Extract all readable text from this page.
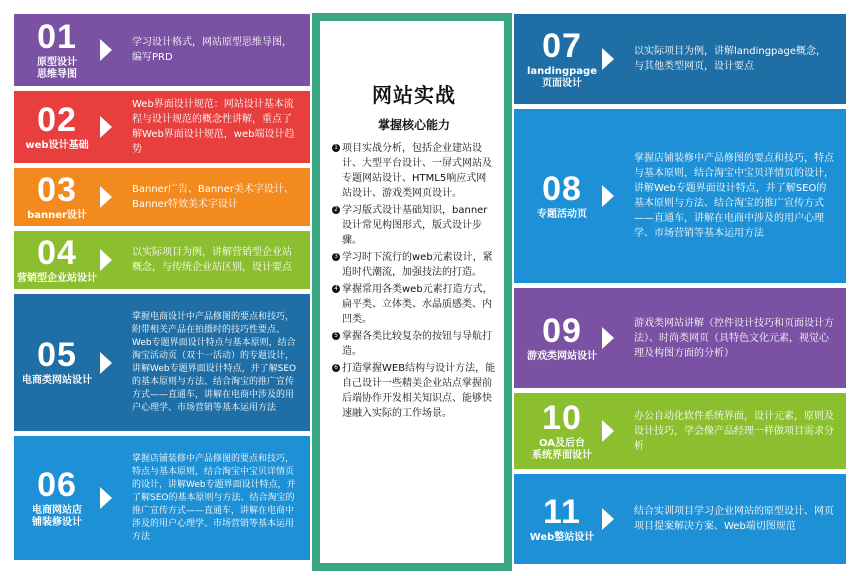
01
原型设计
思维导图
学习设计格式，网站原型思维导图，编写PRD
02
web设计基础
Web界面设计规范：网站设计基本流程与设计规范的概念性讲解，重点了解Web界面设计规范，web端设计趋势
03
banner设计
Banner广告、Banner美术字设计、Banner特效美术字设计
04
营销型企业站设计
以实际项目为例，讲解营销型企业站概念，与传统企业站区别，设计要点
05
电商类网站设计
掌握电商设计中产品修图的要点和技巧，附带相关产品在拍摄时的技巧性要点、Web专题界面设计特点与基本原则，结合淘宝活动页（双十一活动）的专题设计，讲解Web专题界面设计特点，并了解SEO的基本原则与方法、结合淘宝的推广宣传方式——直通车，讲解在电商中涉及的用户心理学、市场营销等基本运用方法
06
电商网站店
铺装修设计
掌握店铺装修中产品修图的要点和技巧，特点与基本原则，结合淘宝中宝贝详情页的设计，讲解Web专题界面设计特点，并了解SEO的基本原则与方法、结合淘宝的推广宣传方式——直通车，讲解在电商中涉及的用户心理学、市场营销等基本运用方法
网站实战
掌握核心能力
1 项目实战分析，包括企业建站设计、大型平台设计、一屏式网站及专题网站设计、HTML5响应式网站设计、游戏类网页设计。
2 学习版式设计基础知识，banner设计常见构图形式，版式设计步骤。
3 学习时下流行的web元素设计，紧追时代潮流，加强技法的打造。
4 掌握常用各类web元素打造方式，扁平类、立体类、水晶质感类、内凹类。
5 掌握各类比较复杂的按钮与导航打造。
6 打造掌握WEB结构与设计方法，能自己设计一些精美企业站点掌握前后端协作开发相关知识点、能够快速融入实际的工作场景。
07
landingpage
页面设计
以实际项目为例，讲解landingpage概念，与其他类型网页，设计要点
08
专题活动页
掌握店铺装修中产品修图的要点和技巧，特点与基本原则，结合淘宝中宝贝详情页的设计，讲解Web专题界面设计特点，并了解SEO的基本原则与方法、结合淘宝的推广宣传方式——直通车，讲解在电商中涉及的用户心理学、市场营销等基本运用方法
09
游戏类网站设计
游戏类网站讲解（控件设计技巧和页面设计方法）、时尚类网页（具特色文化元素，视觉心理及构图方面的分析）
10
OA及后台
系统界面设计
办公自动化软件系统界面，设计元素，原则及设计技巧，学会像产品经理一样做项目需求分析
11
Web整站设计
结合实训项目学习企业网站的原型设计、网页项目提案解决方案、Web端切图规范
